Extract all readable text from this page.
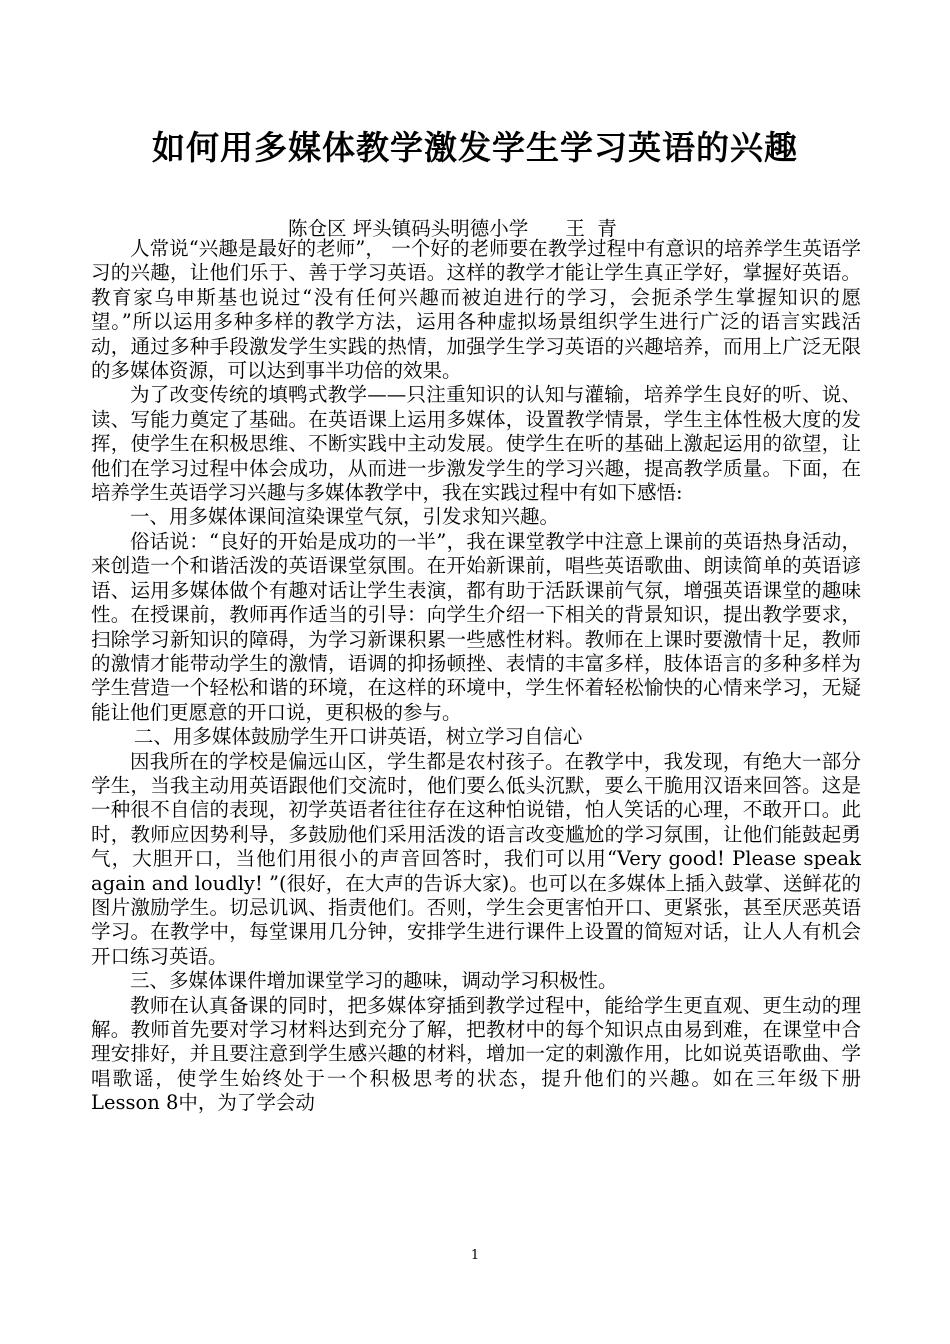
如何用多媒体教学激发学生学习英语的兴趣
陈仓区 坪头镇码头明德小学      王  青

人常说“兴趣是最好的老师”， 一个好的老师要在教学过程中有意识的培养学生英语学习的兴趣，让他们乐于、善于学习英语。这样的教学才能让学生真正学好，掌握好英语。教育家乌申斯基也说过“没有任何兴趣而被迫进行的学习，会扼杀学生掌握知识的愿望。”所以运用多种多样的教学方法，运用各种虚拟场景组织学生进行广泛的语言实践活动，通过多种手段激发学生实践的热情，加强学生学习英语的兴趣培养，而用上广泛无限的多媒体资源，可以达到事半功倍的效果。

为了改变传统的填鸭式教学——只注重知识的认知与灌输，培养学生良好的听、说、读、写能力奠定了基础。在英语课上运用多媒体，设置教学情景，学生主体性极大度的发挥，使学生在积极思维、不断实践中主动发展。使学生在听的基础上激起运用的欲望，让他们在学习过程中体会成功，从而进一步激发学生的学习兴趣，提高教学质量。下面，在培养学生英语学习兴趣与多媒体教学中，我在实践过程中有如下感悟:

一、用多媒体课间渲染课堂气氛，引发求知兴趣。

俗话说：“良好的开始是成功的一半”，我在课堂教学中注意上课前的英语热身活动，来创造一个和谐活泼的英语课堂氛围。在开始新课前，唱些英语歌曲、朗读简单的英语谚语、运用多媒体做个有趣对话让学生表演，都有助于活跃课前气氛，增强英语课堂的趣味性。在授课前，教师再作适当的引导：向学生介绍一下相关的背景知识，提出教学要求，扫除学习新知识的障碍，为学习新课积累一些感性材料。教师在上课时要激情十足，教师的激情才能带动学生的激情，语调的抑扬顿挫、表情的丰富多样，肢体语言的多种多样为学生营造一个轻松和谐的环境，在这样的环境中，学生怀着轻松愉快的心情来学习，无疑能让他们更愿意的开口说，更积极的参与。

二、用多媒体鼓励学生开口讲英语，树立学习自信心

因我所在的学校是偏远山区，学生都是农村孩子。在教学中，我发现，有绝大一部分学生，当我主动用英语跟他们交流时，他们要么低头沉默，要么干脆用汉语来回答。这是一种很不自信的表现，初学英语者往往存在这种怕说错，怕人笑话的心理，不敢开口。此时，教师应因势利导，多鼓励他们采用活泼的语言改变尴尬的学习氛围，让他们能鼓起勇气，大胆开口，当他们用很小的声音回答时，我们可以用“Very good! Please speak again and loudly! ”(很好，在大声的告诉大家)。也可以在多媒体上插入鼓掌、送鲜花的图片激励学生。切忌讥讽、指责他们。否则，学生会更害怕开口、更紧张，甚至厌恶英语学习。在教学中，每堂课用几分钟，安排学生进行课件上设置的简短对话，让人人有机会开口练习英语。

三、多媒体课件增加课堂学习的趣味，调动学习积极性。

教师在认真备课的同时，把多媒体穿插到教学过程中，能给学生更直观、更生动的理解。教师首先要对学习材料达到充分了解，把教材中的每个知识点由易到难，在课堂中合理安排好，并且要注意到学生感兴趣的材料，增加一定的刺激作用，比如说英语歌曲、学唱歌谣，使学生始终处于一个积极思考的状态，提升他们的兴趣。如在三年级下册Lesson 8中，为了学会动

1
